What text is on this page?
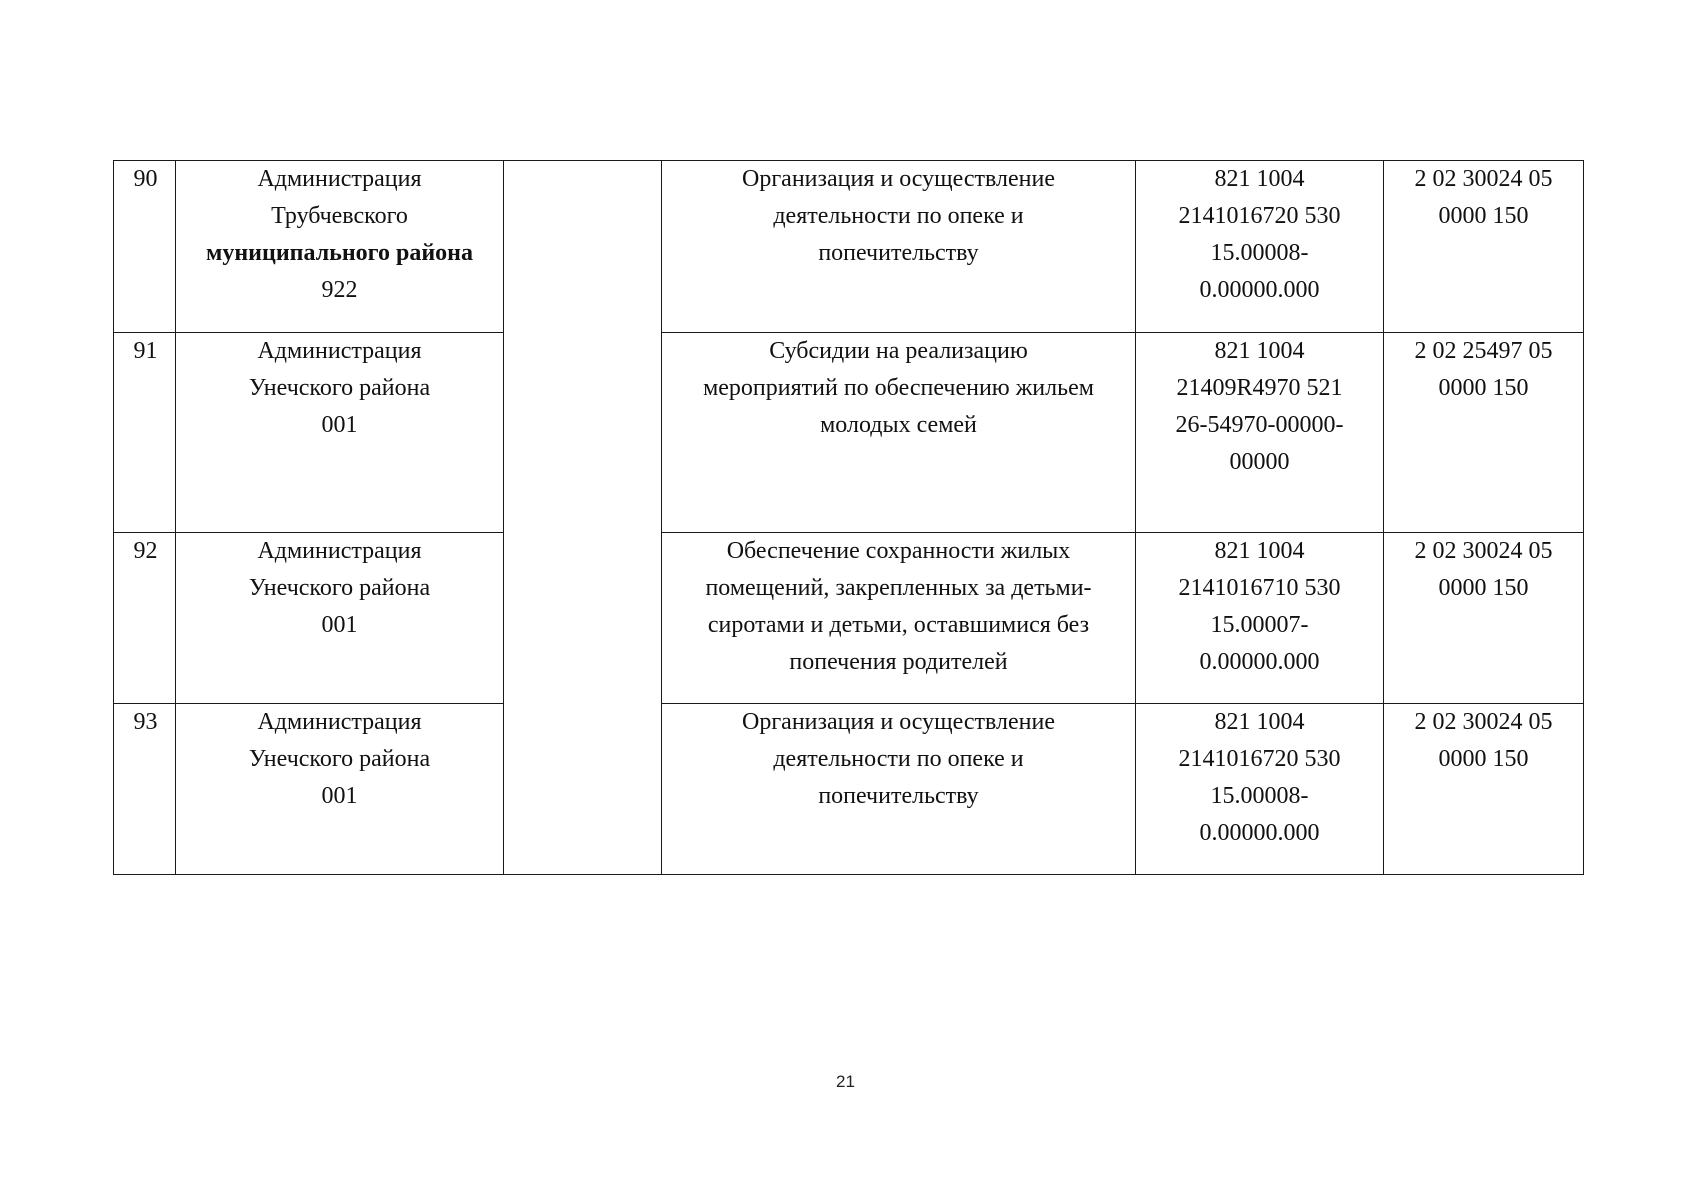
90	Администрация
Трубчевского
муниципального района
922		Организация и осуществление
деятельности по опеке и
попечительству	821 1004
2141016720 530
15.00008-
0.00000.000	2 02 30024 05
0000 150

91	Администрация
Унечского района
001		Субсидии на реализацию
мероприятий по обеспечению жильем
молодых семей	821 1004
21409R4970 521
26-54970-00000-
00000	2 02 25497 05
0000 150

92	Администрация
Унечского района
001		Обеспечение сохранности жилых
помещений, закрепленных за детьми-
сиротами и детьми, оставшимися без
попечения родителей	821 1004
2141016710 530
15.00007-
0.00000.000	2 02 30024 05
0000 150

93	Администрация
Унечского района
001		Организация и осуществление
деятельности по опеке и
попечительству	821 1004
2141016720 530
15.00008-
0.00000.000	2 02 30024 05
0000 150
21
